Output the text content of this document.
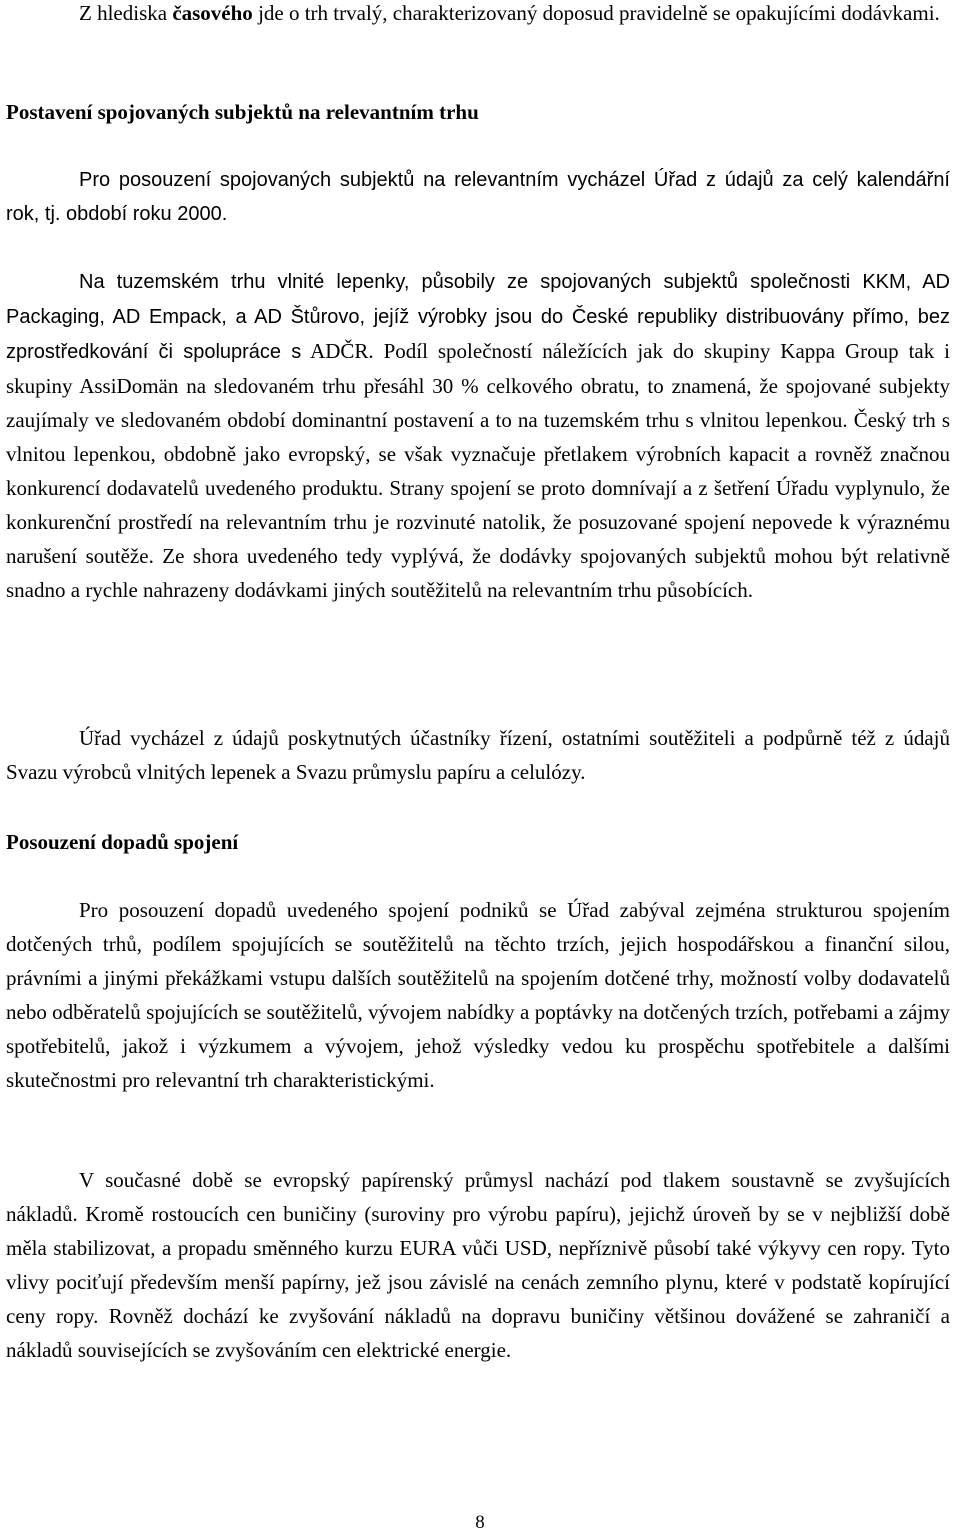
Z hlediska časového jde o trh trvalý, charakterizovaný doposud pravidelně se opakujícími dodávkami.

Postavení spojovaných subjektů na relevantním trhu

Pro posouzení spojovaných subjektů na relevantním vycházel Úřad z údajů za celý kalendářní rok, tj. období roku 2000.

Na tuzemském trhu vlnité lepenky, působily ze spojovaných subjektů společnosti KKM, AD Packaging, AD Empack, a AD Štůrovo, jejíž výrobky jsou do České republiky distribuovány přímo, bez zprostředkování či spolupráce s ADČR. Podíl společností náležících jak do skupiny Kappa Group tak i skupiny AssiDomän na sledovaném trhu přesáhl 30 % celkového obratu, to znamená, že spojované subjekty zaujímaly ve sledovaném období dominantní postavení a to na tuzemském trhu s vlnitou lepenkou. Český trh s vlnitou lepenkou, obdobně jako evropský, se však vyznačuje přetlakem výrobních kapacit a rovněž značnou konkurencí dodavatelů uvedeného produktu. Strany spojení se proto domnívají a z šetření Úřadu vyplynulo, že konkurenční prostředí na relevantním trhu je rozvinuté natolik, že posuzované spojení nepovede k výraznému narušení soutěže. Ze shora uvedeného tedy vyplývá, že dodávky spojovaných subjektů mohou být relativně snadno a rychle nahrazeny dodávkami jiných soutěžitelů na relevantním trhu působících.

Úřad vycházel z údajů poskytnutých účastníky řízení, ostatními soutěžiteli a podpůrně též z údajů Svazu výrobců vlnitých lepenek a Svazu průmyslu papíru a celulózy.

Posouzení dopadů spojení

Pro posouzení dopadů uvedeného spojení podniků se Úřad zabýval zejména strukturou spojením dotčených trhů, podílem spojujících se soutěžitelů na těchto trzích, jejich hospodářskou a finanční silou, právními a jinými překážkami vstupu dalších soutěžitelů na spojením dotčené trhy, možností volby dodavatelů nebo odběratelů spojujících se soutěžitelů, vývojem nabídky a poptávky na dotčených trzích, potřebami a zájmy spotřebitelů, jakož i výzkumem a vývojem, jehož výsledky vedou ku prospěchu spotřebitele a dalšími skutečnostmi pro relevantní trh charakteristickými.

V současné době se evropský papírenský průmysl nachází pod tlakem soustavně se zvyšujících nákladů. Kromě rostoucích cen buničiny (suroviny pro výrobu papíru), jejichž úroveň by se v nejbližší době měla stabilizovat, a propadu směnného kurzu EURA vůči USD, nepříznivě působí také výkyvy cen ropy. Tyto vlivy pociťují především menší papírny, jež jsou závislé na cenách zemního plynu, které v podstatě kopírující ceny ropy. Rovněž dochází ke zvyšování nákladů na dopravu buničiny většinou dovážené se zahraničí a nákladů souvisejících se zvyšováním cen elektrické energie.

8
